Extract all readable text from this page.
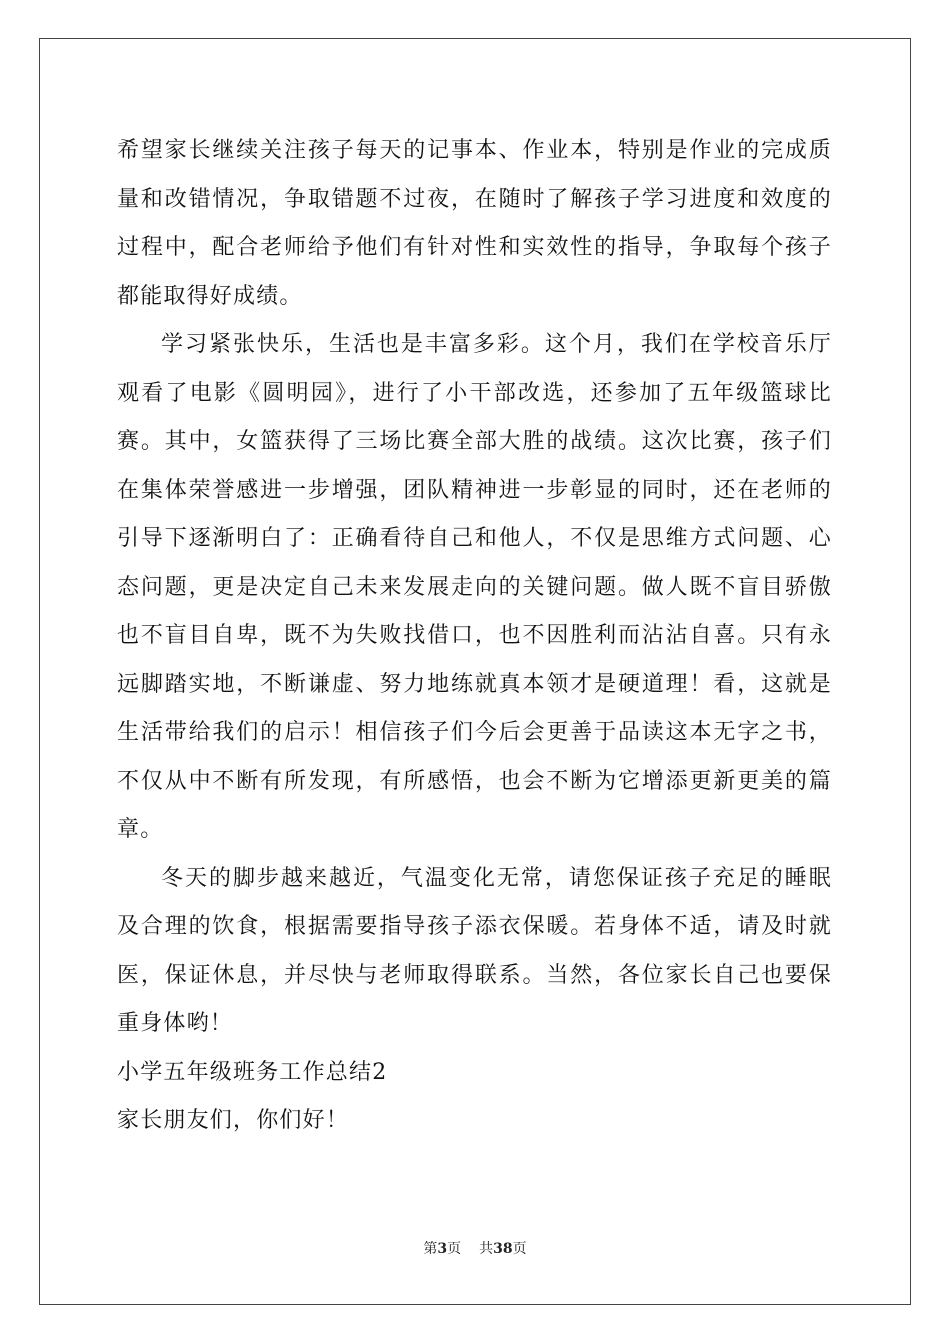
希望家长继续关注孩子每天的记事本、作业本，特别是作业的完成质量和改错情况，争取错题不过夜，在随时了解孩子学习进度和效度的过程中，配合老师给予他们有针对性和实效性的指导，争取每个孩子都能取得好成绩。

学习紧张快乐，生活也是丰富多彩。这个月，我们在学校音乐厅观看了电影《圆明园》，进行了小干部改选，还参加了五年级篮球比赛。其中，女篮获得了三场比赛全部大胜的战绩。这次比赛，孩子们在集体荣誉感进一步增强，团队精神进一步彰显的同时，还在老师的引导下逐渐明白了：正确看待自己和他人，不仅是思维方式问题、心态问题，更是决定自己未来发展走向的关键问题。做人既不盲目骄傲也不盲目自卑，既不为失败找借口，也不因胜利而沾沾自喜。只有永远脚踏实地，不断谦虚、努力地练就真本领才是硬道理！看，这就是生活带给我们的启示！相信孩子们今后会更善于品读这本无字之书，不仅从中不断有所发现，有所感悟，也会不断为它增添更新更美的篇章。

冬天的脚步越来越近，气温变化无常，请您保证孩子充足的睡眠及合理的饮食，根据需要指导孩子添衣保暖。若身体不适，请及时就医，保证休息，并尽快与老师取得联系。当然，各位家长自己也要保重身体哟！

小学五年级班务工作总结2

家长朋友们，你们好！

第3页 共38页
